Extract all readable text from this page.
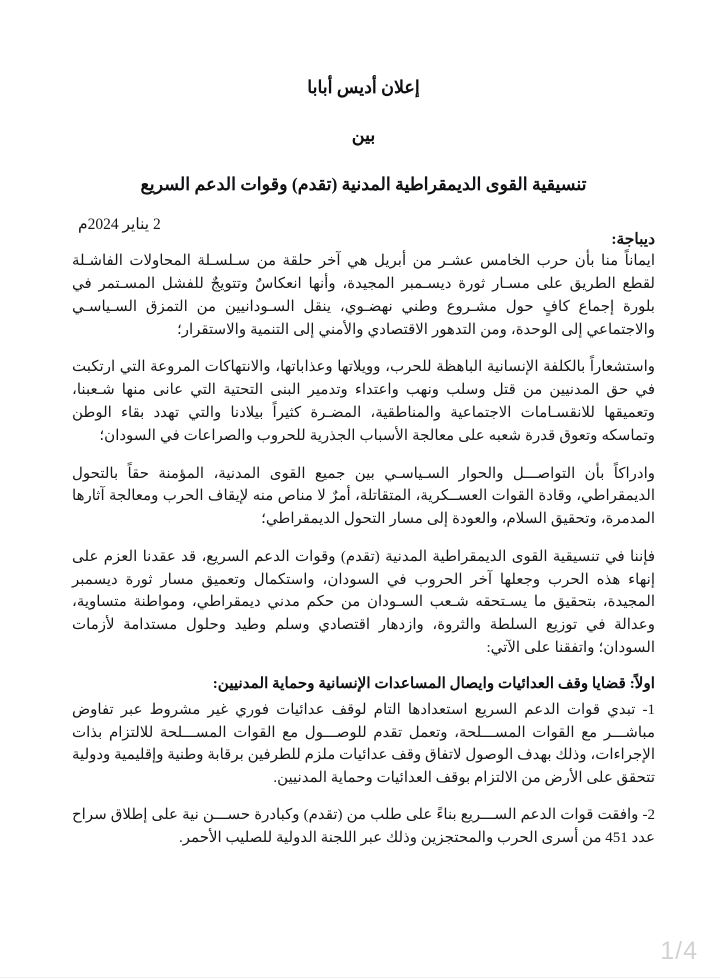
إعلان أديس أبابا
بين
تنسيقية القوى الديمقراطية المدنية (تقدم) وقوات الدعم السريع
2 يناير 2024م
ديباجة:

ايماناً منا بأن حرب الخامس عشـر من أبريل هي آخر حلقة من سـلسـلة المحاولات الفاشـلة لقطع الطريق على مسـار ثورة ديسـمبر المجيدة، وأنها انعكاسٌ وتتويجٌ للفشل المسـتمر في بلورة إجماع كافٍ حول مشـروع وطني نهضـوي، ينقل السـودانيين من التمزق السـياسـي والاجتماعي إلى الوحدة، ومن التدهور الاقتصادي والأمني إلى التنمية والاستقرار؛

واستشعاراً بالكلفة الإنسانية الباهظة للحرب، وويلاتها وعذاباتها، والانتهاكات المروعة التي ارتكبت في حق المدنيين من قتل وسلب ونهب واعتداء وتدمير البنى التحتية التي عانى منها شـعبنا، وتعميقها للانقسـامات الاجتماعية والمناطقية، المضـرة كثيراً بيلادنا والتي تهدد بقاء الوطن وتماسكه وتعوق قدرة شعبه على معالجة الأسباب الجذرية للحروب والصراعات في السودان؛

وادراكاً بأن التواصـــل والحوار السـياسـي بين جميع القوى المدنية، المؤمنة حقاً بالتحول الديمقراطي، وقادة القوات العســكرية، المتقاتلة، أمرٌ لا مناص منه لإيقاف الحرب ومعالجة آثارها المدمرة، وتحقيق السلام، والعودة إلى مسار التحول الديمقراطي؛

فإننا في تنسيقية القوى الديمقراطية المدنية (تقدم) وقوات الدعم السريع، قد عقدنا العزم على إنهاء هذه الحرب وجعلها آخر الحروب في السودان، واستكمال وتعميق مسار ثورة ديسمبر المجيدة، بتحقيق ما يسـتحقه شـعب السـودان من حكم مدني ديمقراطي، ومواطنة متساوية، وعدالة في توزيع السلطة والثروة، وازدهار اقتصادي وسلم وطيد وحلول مستدامة لأزمات السودان؛ واتفقنا على الآتي:

اولاً: قضايا وقف العدائيات وايصال المساعدات الإنسانية وحماية المدنيين:

1- تبدي قوات الدعم السريع استعدادها التام لوقف عدائيات فوري غير مشروط عبر تفاوض مباشـــر مع القوات المســـلحة، وتعمل تقدم للوصـــول مع القوات المســـلحة للالتزام بذات الإجراءات، وذلك بهدف الوصول لاتفاق وقف عدائيات ملزم للطرفين برقابة وطنية وإقليمية ودولية تتحقق على الأرض من الالتزام بوقف العدائيات وحماية المدنيين.

2- وافقت قوات الدعم الســـريع بناءً على طلب من (تقدم) وكبادرة حســـن نية على إطلاق سراح عدد 451 من أسرى الحرب والمحتجزين وذلك عبر اللجنة الدولية للصليب الأحمر.

1/4
